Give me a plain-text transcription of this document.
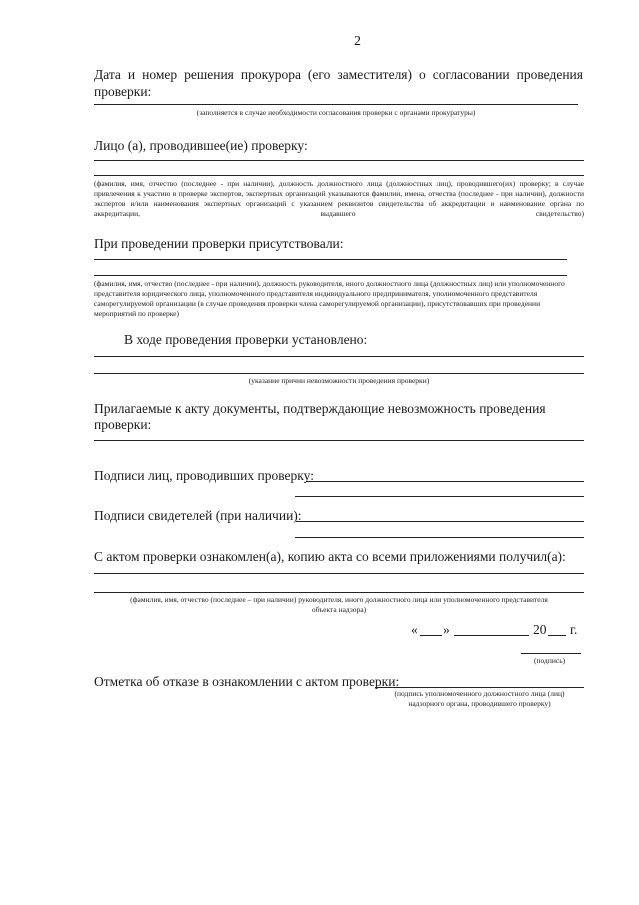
2
Дата и номер решения прокурора (его заместителя) о согласовании проведения
проверки:
(заполняется в случае необходимости согласования проверки с органами прокуратуры)
Лицо (а), проводившее(ие) проверку:
(фамилия, имя, отчество (последнее - при наличии), должность должностного лица (должностных лиц), проводившего(их) проверку; в случае привлечения к участию в проверке экспертов, экспертных организаций указываются фамилии, имена, отчества (последнее - при наличии), должности экспертов и/или наименования экспертных организаций с указанием реквизитов свидетельства об аккредитации и наименование органа по аккредитации, выдавшего свидетельство)
При проведении проверки присутствовали:
(фамилия, имя, отчество (последнее - при наличии), должность руководителя, иного должностного лица (должностных лиц) или уполномоченного представителя юридического лица, уполномоченного представителя индивидуального предпринимателя, уполномоченного представителя саморегулируемой организации (в случае проведения проверки члена саморегулируемой организации), присутствовавших при проведении мероприятий по проверке)
В ходе проведения проверки установлено:
(указание причин невозможности проведения проверки)
Прилагаемые к акту документы, подтверждающие невозможность проведения
проверки:
Подписи лиц, проводивших проверку:
Подписи свидетелей (при наличии):
С актом проверки ознакомлен(а), копию акта со всеми приложениями получил(а):
(фамилия, имя, отчество (последнее – при наличии) руководителя, иного должностного лица или уполномоченного представителя
объекта надзора)
« »	20 г.
(подпись)
Отметка об отказе в ознакомлении с актом проверки:
(подпись уполномоченного должностного лица (лиц)
надзорного органа, проводившего проверку)
